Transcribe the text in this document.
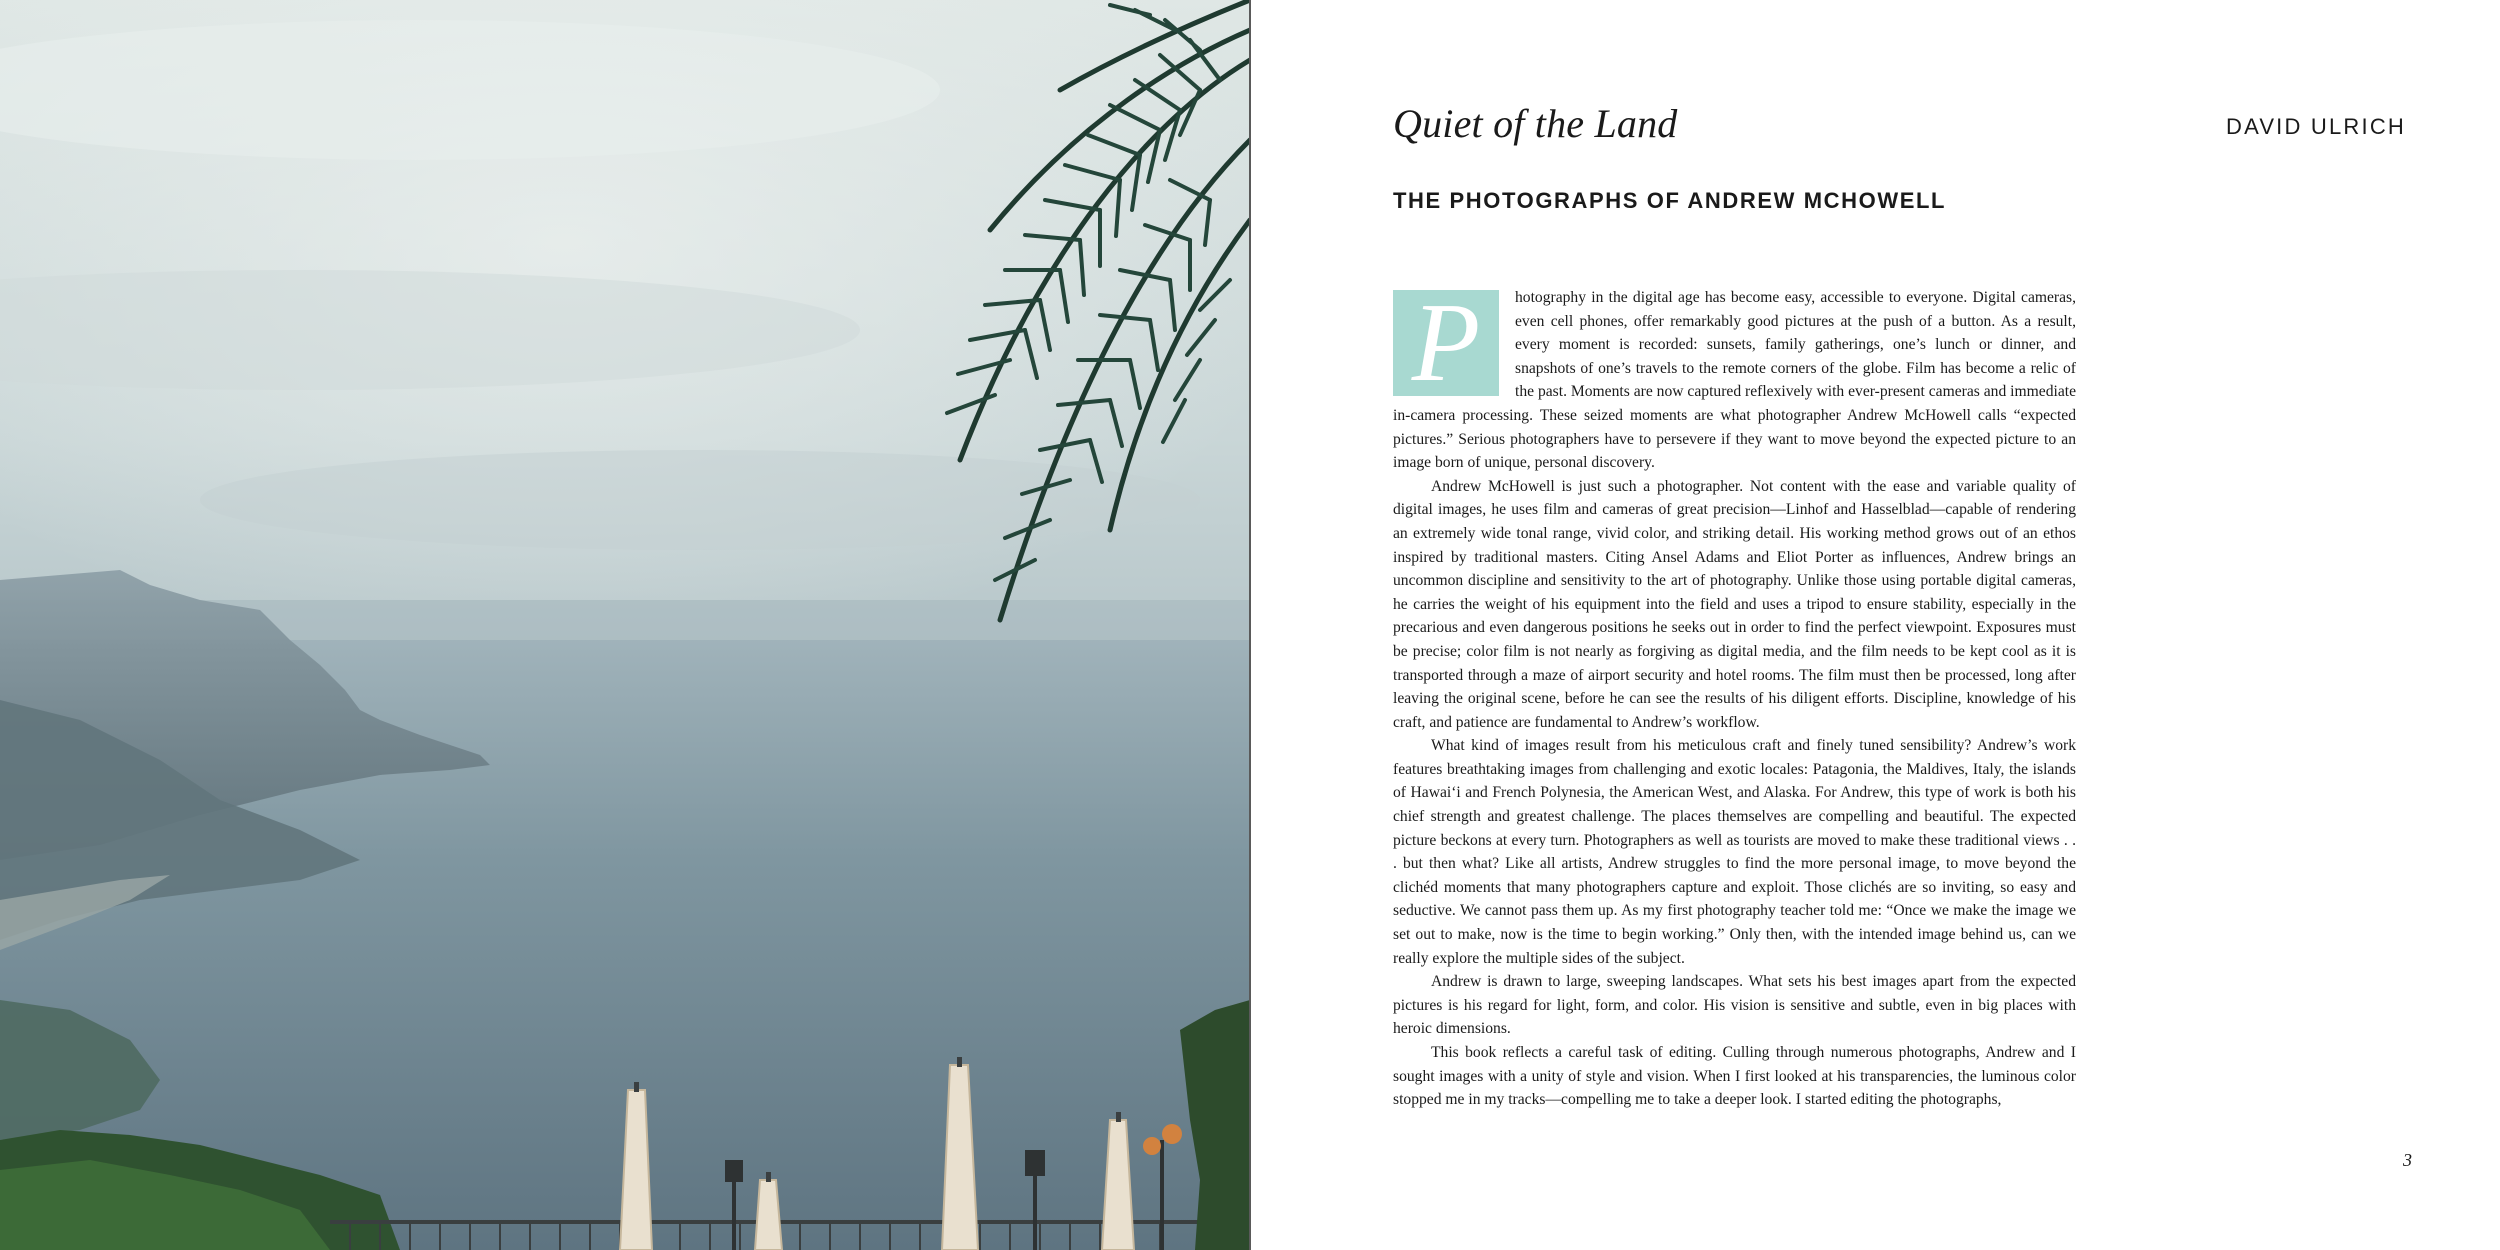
Quiet of the Land	DAVID ULRICH
THE PHOTOGRAPHS OF ANDREW MCHOWELL
P	hotography in the digital age has become easy, accessible to everyone. Digital cameras, even cell phones, offer remarkably good pictures at the push of a button. As a result, every moment is recorded: sunsets, family gatherings, one’s lunch or dinner, and snapshots of one’s travels to the remote corners of the globe. Film has become a relic of the past. Moments are now captured reflexively with ever-present cameras and immediate in-camera processing. These seized moments are what photographer Andrew McHowell calls “expected pictures.” Serious photographers have to persevere if they want to move beyond the expected picture to an image born of unique, personal discovery.

Andrew McHowell is just such a photographer. Not content with the ease and variable quality of digital images, he uses film and cameras of great precision—Linhof and Hasselblad—capable of rendering an extremely wide tonal range, vivid color, and striking detail. His working method grows out of an ethos inspired by traditional masters. Citing Ansel Adams and Eliot Porter as influences, Andrew brings an uncommon discipline and sensitivity to the art of photography. Unlike those using portable digital cameras, he carries the weight of his equipment into the field and uses a tripod to ensure stability, especially in the precarious and even dangerous positions he seeks out in order to find the perfect viewpoint. Exposures must be precise; color film is not nearly as forgiving as digital media, and the film needs to be kept cool as it is transported through a maze of airport security and hotel rooms. The film must then be processed, long after leaving the original scene, before he can see the results of his diligent efforts. Discipline, knowledge of his craft, and patience are fundamental to Andrew’s workflow.

What kind of images result from his meticulous craft and finely tuned sensibility? Andrew’s work features breathtaking images from challenging and exotic locales: Patagonia, the Maldives, Italy, the islands of Hawai‘i and French Polynesia, the American West, and Alaska. For Andrew, this type of work is both his chief strength and greatest challenge. The places themselves are compelling and beautiful. The expected picture beckons at every turn. Photographers as well as tourists are moved to make these traditional views . . . but then what? Like all artists, Andrew struggles to find the more personal image, to move beyond the clichéd moments that many photographers capture and exploit. Those clichés are so inviting, so easy and seductive. We cannot pass them up. As my first photography teacher told me: “Once we make the image we set out to make, now is the time to begin working.” Only then, with the intended image behind us, can we really explore the multiple sides of the subject.

Andrew is drawn to large, sweeping landscapes. What sets his best images apart from the expected pictures is his regard for light, form, and color. His vision is sensitive and subtle, even in big places with heroic dimensions.

This book reflects a careful task of editing. Culling through numerous photographs, Andrew and I sought images with a unity of style and vision. When I first looked at his transparencies, the luminous color stopped me in my tracks—compelling me to take a deeper look. I started editing the photographs,

3
